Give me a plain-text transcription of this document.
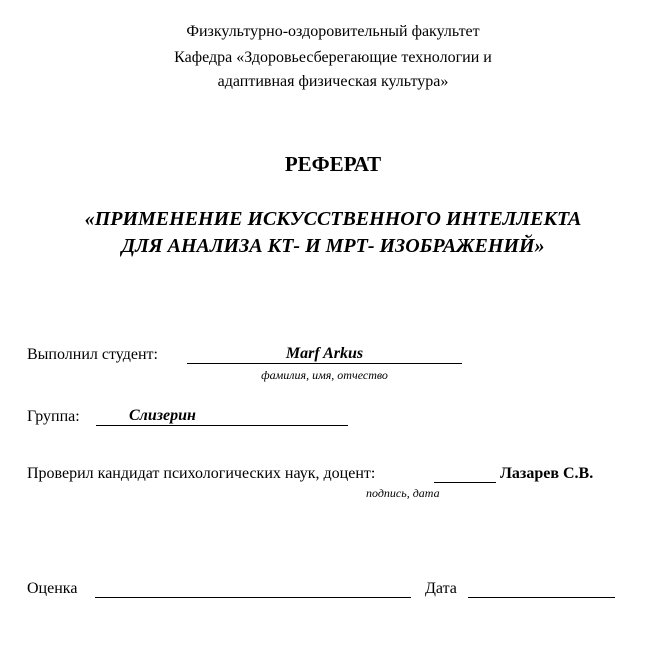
Физкультурно-оздоровительный факультет
Кафедра «Здоровьесберегающие технологии и
адаптивная физическая культура»
РЕФЕРАТ
«ПРИМЕНЕНИЕ ИСКУССТВЕННОГО ИНТЕЛЛЕКТА
ДЛЯ АНАЛИЗА КТ- И МРТ- ИЗОБРАЖЕНИЙ»
Выполнил студент:	Marf Arkus
фамилия, имя, отчество
Группа:	Слизерин
Проверил кандидат психологических наук, доцент:	Лазарев С.В.
подпись, дата
Оценка	Дата
